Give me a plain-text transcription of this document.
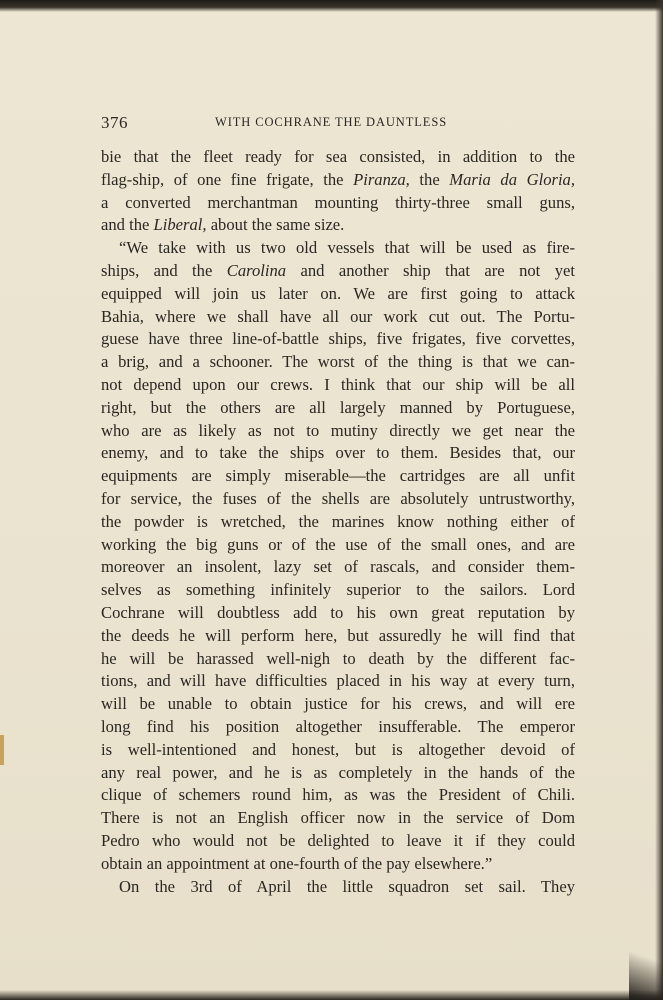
376	WITH COCHRANE THE DAUNTLESS
bie that the fleet ready for sea consisted, in addition to the
flag-ship, of one fine frigate, the Piranza, the Maria da Gloria,
a converted merchantman mounting thirty-three small guns,
and the Liberal, about the same size.
“We take with us two old vessels that will be used as fire-
ships, and the Carolina and another ship that are not yet
equipped will join us later on. We are first going to attack
Bahia, where we shall have all our work cut out. The Portu-
guese have three line-of-battle ships, five frigates, five corvettes,
a brig, and a schooner. The worst of the thing is that we can-
not depend upon our crews. I think that our ship will be all
right, but the others are all largely manned by Portuguese,
who are as likely as not to mutiny directly we get near the
enemy, and to take the ships over to them. Besides that, our
equipments are simply miserable—the cartridges are all unfit
for service, the fuses of the shells are absolutely untrustworthy,
the powder is wretched, the marines know nothing either of
working the big guns or of the use of the small ones, and are
moreover an insolent, lazy set of rascals, and consider them-
selves as something infinitely superior to the sailors. Lord
Cochrane will doubtless add to his own great reputation by
the deeds he will perform here, but assuredly he will find that
he will be harassed well-nigh to death by the different fac-
tions, and will have difficulties placed in his way at every turn,
will be unable to obtain justice for his crews, and will ere
long find his position altogether insufferable. The emperor
is well-intentioned and honest, but is altogether devoid of
any real power, and he is as completely in the hands of the
clique of schemers round him, as was the President of Chili.
There is not an English officer now in the service of Dom
Pedro who would not be delighted to leave it if they could
obtain an appointment at one-fourth of the pay elsewhere.”
On the 3rd of April the little squadron set sail. They
